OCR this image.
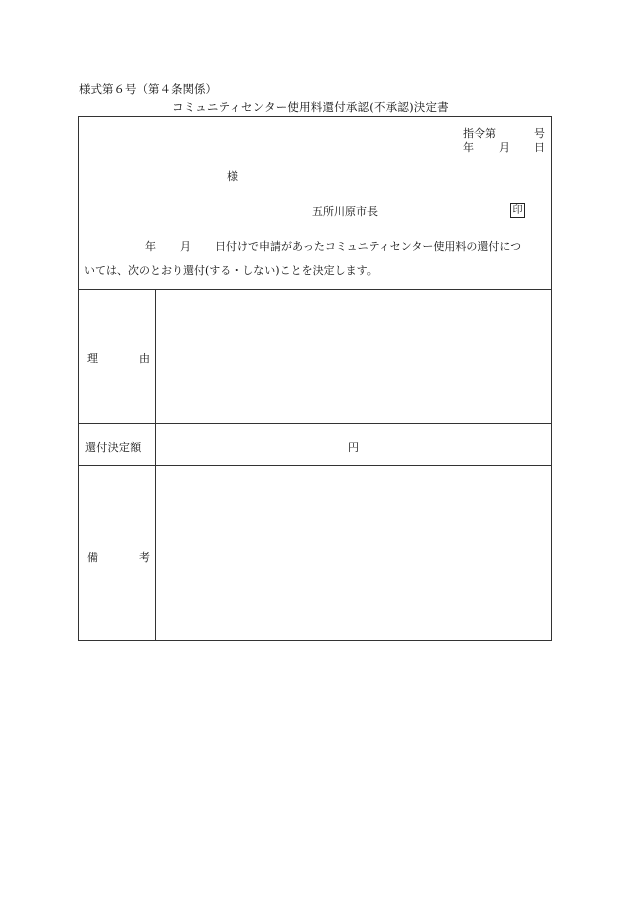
様式第６号（第４条関係）
コミュニティセンター使用料還付承認(不承認)決定書
指令第	号
年 月 日
様
五所川原市長	印
年 月 日付けで申請があったコミュニティセンター使用料の還付につ
いては、次のとおり還付(する・しない)ことを決定します。
理	由
還付決定額	円
備	考
